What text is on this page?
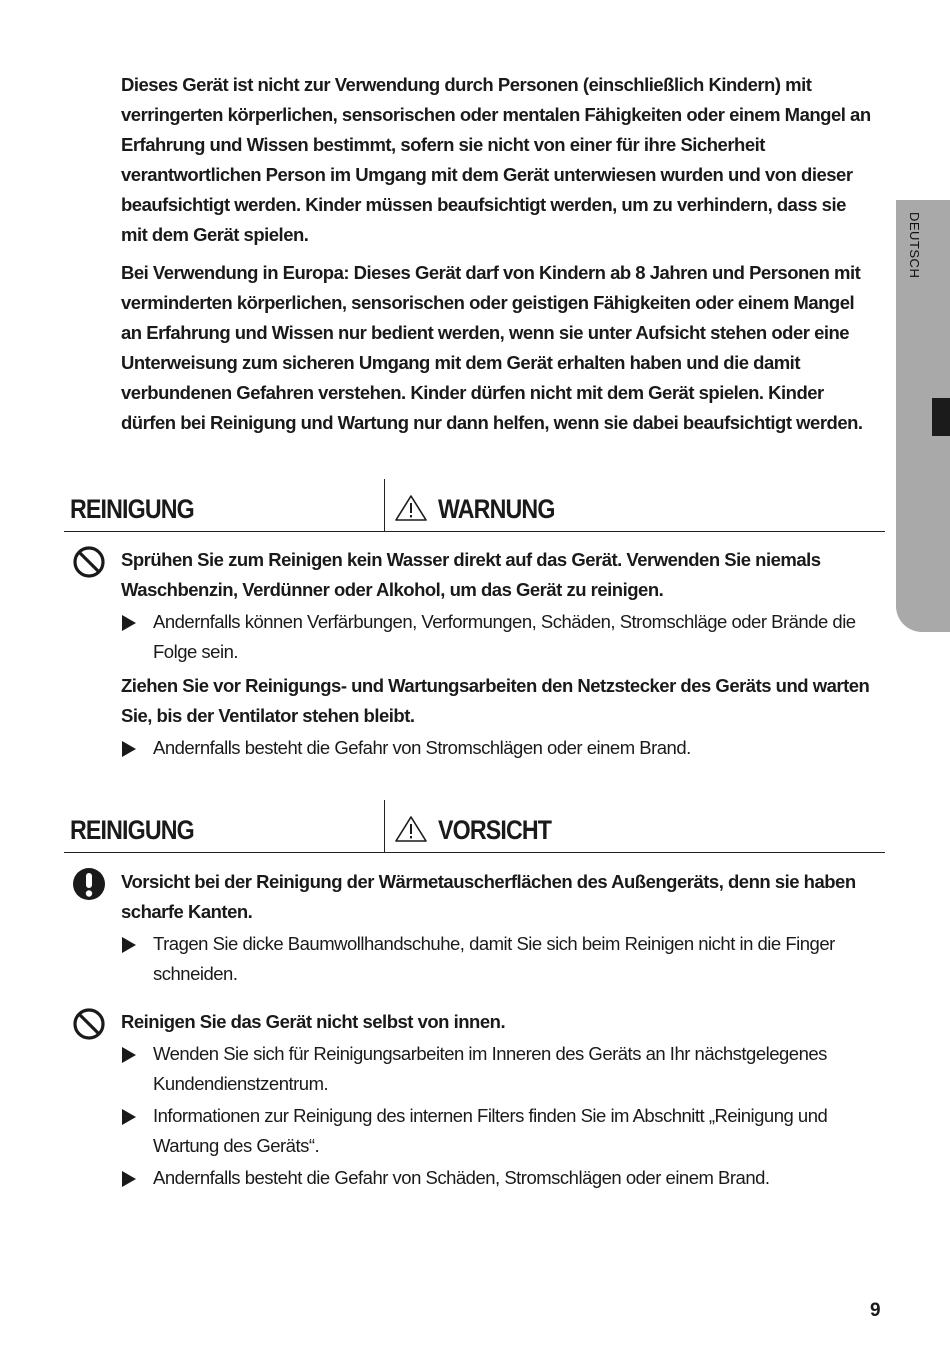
DEUTSCH

Dieses Gerät ist nicht zur Verwendung durch Personen (einschließlich Kindern) mit verringerten körperlichen, sensorischen oder mentalen Fähigkeiten oder einem Mangel an Erfahrung und Wissen bestimmt, sofern sie nicht von einer für ihre Sicherheit verantwortlichen Person im Umgang mit dem Gerät unterwiesen wurden und von dieser beaufsichtigt werden. Kinder müssen beaufsichtigt werden, um zu verhindern, dass sie mit dem Gerät spielen.

Bei Verwendung in Europa: Dieses Gerät darf von Kindern ab 8 Jahren und Personen mit verminderten körperlichen, sensorischen oder geistigen Fähigkeiten oder einem Mangel an Erfahrung und Wissen nur bedient werden, wenn sie unter Aufsicht stehen oder eine Unterweisung zum sicheren Umgang mit dem Gerät erhalten haben und die damit verbundenen Gefahren verstehen. Kinder dürfen nicht mit dem Gerät spielen. Kinder dürfen bei Reinigung und Wartung nur dann helfen, wenn sie dabei beaufsichtigt werden.

REINIGUNG	WARNUNG

Sprühen Sie zum Reinigen kein Wasser direkt auf das Gerät. Verwenden Sie niemals Waschbenzin, Verdünner oder Alkohol, um das Gerät zu reinigen.

Andernfalls können Verfärbungen, Verformungen, Schäden, Stromschläge oder Brände die Folge sein.

Ziehen Sie vor Reinigungs- und Wartungsarbeiten den Netzstecker des Geräts und warten Sie, bis der Ventilator stehen bleibt.

Andernfalls besteht die Gefahr von Stromschlägen oder einem Brand.

REINIGUNG	VORSICHT

Vorsicht bei der Reinigung der Wärmetauscherflächen des Außengeräts, denn sie haben scharfe Kanten.

Tragen Sie dicke Baumwollhandschuhe, damit Sie sich beim Reinigen nicht in die Finger schneiden.

Reinigen Sie das Gerät nicht selbst von innen.

Wenden Sie sich für Reinigungsarbeiten im Inneren des Geräts an Ihr nächstgelegenes Kundendienstzentrum.

Informationen zur Reinigung des internen Filters finden Sie im Abschnitt „Reinigung und Wartung des Geräts“.

Andernfalls besteht die Gefahr von Schäden, Stromschlägen oder einem Brand.

9
